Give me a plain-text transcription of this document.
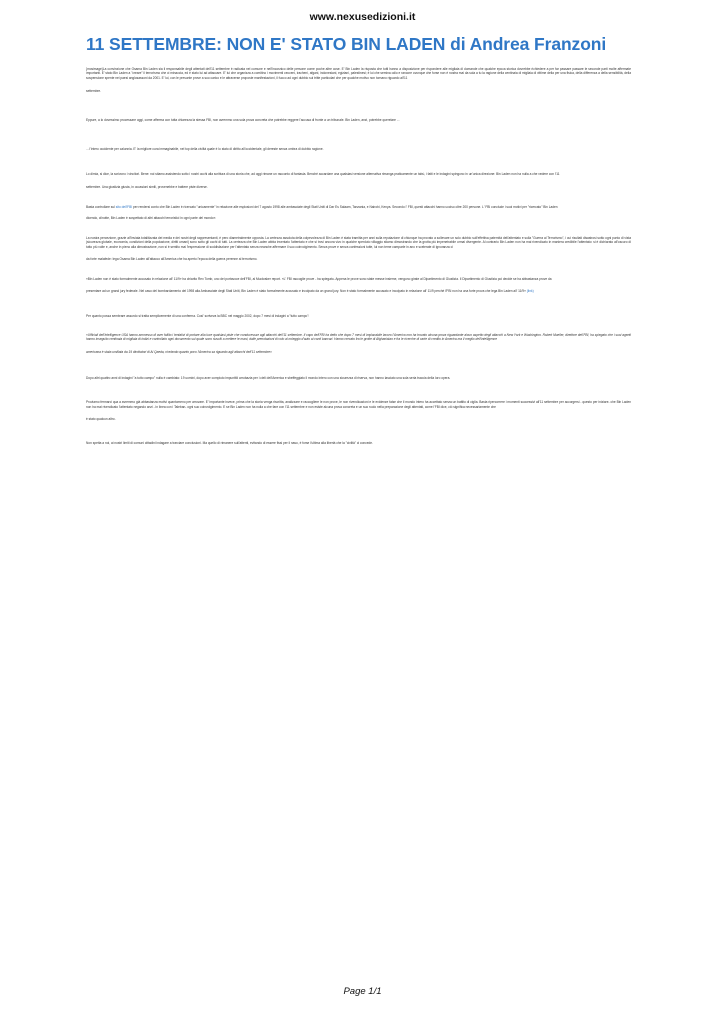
www.nexusedizioni.it
11 SETTEMBRE: NON E' STATO BIN LADEN di Andrea Franzoni

{mosimage}La convinzione che Osama Bin Laden sia il responsabile degli attentati dell'11 settembre è radicata nel comune e nell'incosnico delle persone come poche altre cose. E' Bin Laden la risposta che tutti hanno a disposizione per rispondere alle migliaia di domande che qualche epoca storica dovrebbe richiedere a per far passare passare le seconde parti molte affermate importanti. E' stato Bin Laden a "creare" il terrorismo che ci minaccia, ed è stato lui ad attaccare. E' lui che organizza a comitino i movimenti cecceni, iracheni, afgani, indonesiani, egiziani, palestinesi; è lui che semina odio e rancore ovunque che forse non è nostra mai da sola a tu la ragione della centinaia di migliaia di vittime della per una fisica, della differenza a della sensibilità, della sospensione spente nei paesi anglosassoni da 2001. E' lui, con le presunte prove a suo carico e le attraverse proposte manifestazioni, il fuoco ad ogni dubbio sui tritte particolari che per qualche motivo non tornano riguardo all'11

settembre.

Eppure, a lo dovessimo processare oggi, come afferma con tutta chiarezza la stessa FBI, non avremmo una sola prova concreta che potrebbe reggere l'accusa di fronte a un tribunale. Bin Laden, anzi, potrebbe querelare ...

... l'intero occidente per calunnia. E' la migliore cura immaginabile, nel top della civiltà quale è lo stato di diritto all'occidentale, gli dereste senza ombra di dubbio ragione.

Lo dimia, si dice, la scrivono i vincitori. Bene: noi stiamo assistendo sotto i nostri occhi alla scrittura di una storia che, ad oggi rimane un racconto di fantasia. Benché accardare una qualsiasi versione alternativa rimanga praticamente un tabù, i fatti e le indagini spingono in un'unica direzione: Bin Laden non ha nulla a che vedere con l'11

settembre. Una giustizia giusta, in occasioni simili, provenebbe e battere piste diverse.

Basta controllare sul sito dell'FBI per rendersi conto che Bin Laden è ricercato "unicamente" in relazione alle esplosioni del 7 agosto 1998 alle ambasciate degli Stati Uniti di Dar Es Salaam, Tanzania, e Nairobi, Kenya. Secondo l' FBI, questi attacchi hanno ucciso oltre 200 persone. L' FBI conclude i suoi motivi per "ricercato" Bin Laden

dicendo, cilnotte, Bin Laden è sospettato di altri attacchi terroristici in ogni parte del mondo».

La nostra percezione, grazie all'inviata totalitizzata dei media e dei nostri degli rappresentanti, è pero diametralmente opposta. La certezza assoluta della colpevolezza di Bin Laden è stata tramitta per anni sulla reputazione di chiunque ha provato a sollevare un solo dubbio sull'effettiva paternità dell'attentato e sulla "Guerra al Terrorismo", i cui risultati disastrosi sotto ogni punto di vista (sicurezza globale, economia, condizioni della popolazione, diritti umani) sono sotto gli occhi di tutti. La certezza che Bin Laden abbia inventato l'attentato e che si trovi ancora vivo in qualche sperduto villaggio stiamo dimostrando che la grotta più impenetrabile ormai divergente. Al contrario Bin Laden non ha mai rivendicato in maniera credibile l'attentato: si è dichiarato all'oscuro di tutto più volte e, anche in pieno alla dimostrazione, non si è sentito mai l'espressione di soddisfazione per l'attentato senza neanche affermare il suo coinvolgimento. Senza prove e senza confessioni tutte, lui non teme camparle in ano e scelerate di ignoranza ci

da forte malafede: lega Osama Bin Laden all'attacco all'America che ha aperto l'epoca della guerra perenne al terrorismo.

«Bin Laden non è stato formalmente accusato in relazione all' 11/9» ha chiarito Rex Tomb, uno dei portavoce dell'FBI, al Muckraker report. «L' FBI raccoglie prove - ha spiegato- Appena le prove sono state messe insieme, vengono girate al Dipartimento di Giustizia. Il Dipartimento di Giustizia poi decide se ha abbastanza prove da

presentare ad un grand jury federale. Nel caso del bombardamento del 1998 alla Ambasciate degli Stati Uniti, Bin Laden è stato formalmente accusato e incolpato da un grand jury. Non è stato formalmente accusato e incolpato in relazione all' 11/9 perché l'FBI non ha una forte prova che lega Bin Laden all' 11/9» (link)

Per quanto possa sembrare assurdo si tratta semplicemente di una conferma. Cosi' scriveva la BBC nel maggio 2002, dopo 7 mesi di indagini a "tutto campo":

«Ufficiali dell'intelligence USA hanno ammesso di aver fallito i tentativi di portare alla luce qualsiasi piste che conducessse agli attacchi dell'11 settembre. Il capo dell'FBI ha detto che dopo 7 mesi di implacabile lavoro l'America non ha trovato alcuna prova riguardante alcun aspetto degli attacchi a New York e Washington. Robert Mueller, direttore dell'FBI, ha spiegato che i suoi agenti hanno inseguito centinaia di migliaia di indizi e controllato ogni documento sul quale sono riusciti a mettere le mani, dalle prenotazioni di volo al noleggio d'auto ai conti bancari. Hanno cercato fra le grotte di Afghanistan e fra le ricerche di carte di credito in America ma il meglio dell'intelligence

americana è stata umiliata da 19 dirottatori di Al Qaeda, rivelando quanto poco l'America sa riguardo agli attacchi dell'11 settembre»

Dopo altri quattro anni di indagini "a tutto campo" nulla è cambiato: 19 uomini, dopo aver compiuto impuntitiì arrobazia per i cieli dell'America e sbeffeggiato il mondo intero con una sicurezza di riserva, non hanno lasciato una sola seria traccia della loro opera.

Proviamo fermarci qua a avremmo già abbastanza motivi quantomeno per arrovare. E' importante invece, prima che la storia venga riscritta, analizzare e raccogliere le non prove, le non rivendicazioni e le evidenze false che il mondo intero ha accettato senza un battito di ciglia. Basta ripercorrere i momenti successivi all'11 settembre per accorgersi - questo per iniziare- che Bin Laden non ha mai rivendicato l'attentato negando anzi - in linea con i Taleban- ogni suo coinvolgimento. E se Bin Laden non ha nulla a che fare con l'11 settembre e non esiste alcuna prova concreta e un suo ruolo nella preparazione degli attentati, come l'FBI dice, ciò significa necessariamente che

è stato qualcun altro.

Non spetta a noi, ai nostri limiti di comuni cittadini indagare a trarciare conclusioni. Ma quello di rimanere sull'attenti, evitando di essere fissi per il naso, è forse l'ultima alla libertà che la "civiltà" ci concede.

Page 1/1
